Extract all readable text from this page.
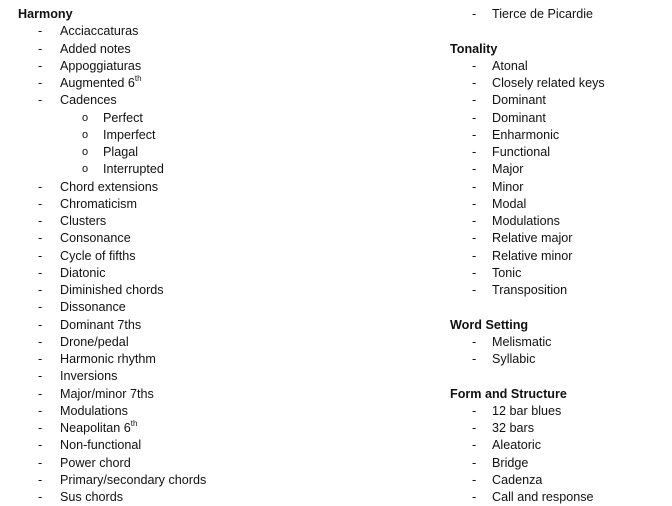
Harmony
- Acciaccaturas
- Added notes
- Appoggiaturas
- Augmented 6th
- Cadences
o Perfect
o Imperfect
o Plagal
o Interrupted
- Chord extensions
- Chromaticism
- Clusters
- Consonance
- Cycle of fifths
- Diatonic
- Diminished chords
- Dissonance
- Dominant 7ths
- Drone/pedal
- Harmonic rhythm
- Inversions
- Major/minor 7ths
- Modulations
- Neapolitan 6th
- Non-functional
- Power chord
- Primary/secondary chords
- Sus chords
- Tierce de Picardie
Tonality
- Atonal
- Closely related keys
- Dominant
- Dominant
- Enharmonic
- Functional
- Major
- Minor
- Modal
- Modulations
- Relative major
- Relative minor
- Tonic
- Transposition
Word Setting
- Melismatic
- Syllabic
Form and Structure
- 12 bar blues
- 32 bars
- Aleatoric
- Bridge
- Cadenza
- Call and response
